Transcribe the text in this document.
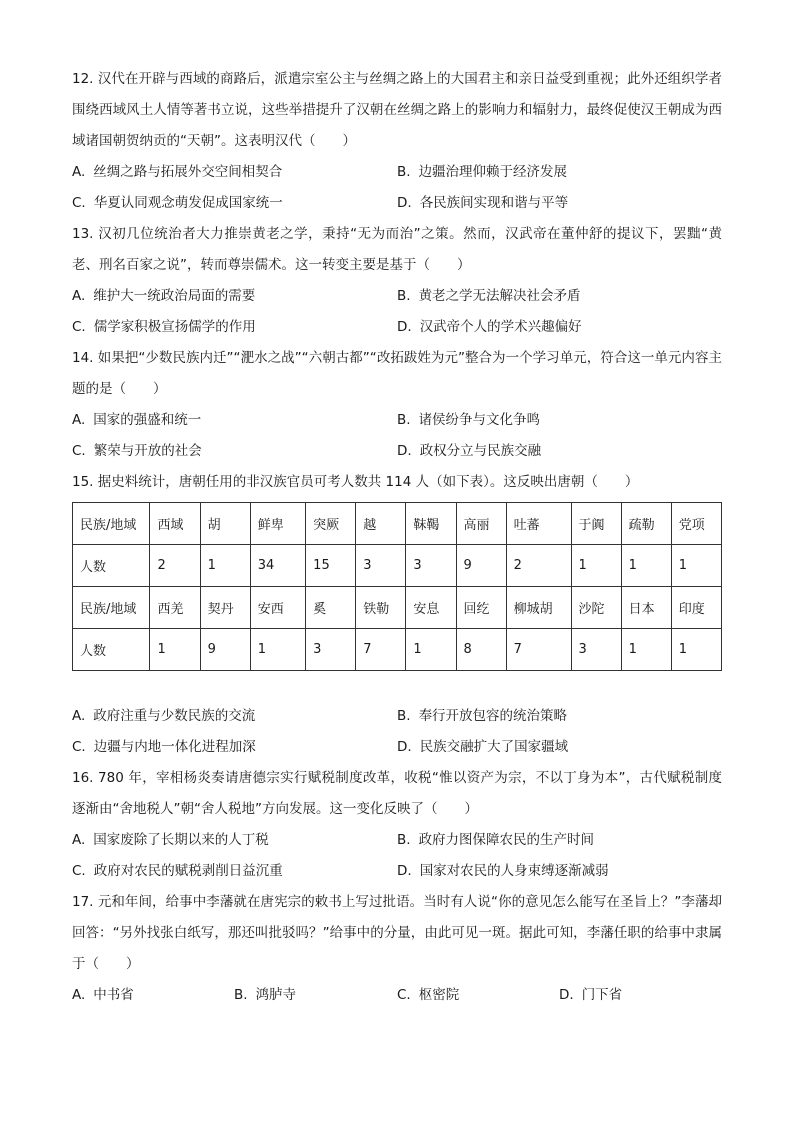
12. 汉代在开辟与西域的商路后，派遣宗室公主与丝绸之路上的大国君主和亲日益受到重视；此外还组织学者围绕西域风土人情等著书立说，这些举措提升了汉朝在丝绸之路上的影响力和辐射力，最终促使汉王朝成为西域诸国朝贺纳贡的“天朝”。这表明汉代（　　）

A. 丝绸之路与拓展外交空间相契合	B. 边疆治理仰赖于经济发展
C. 华夏认同观念萌发促成国家统一	D. 各民族间实现和谐与平等

13. 汉初几位统治者大力推崇黄老之学，秉持“无为而治”之策。然而，汉武帝在董仲舒的提议下，罢黜“黄老、刑名百家之说”，转而尊崇儒术。这一转变主要是基于（　　）

A. 维护大一统政治局面的需要	B. 黄老之学无法解决社会矛盾
C. 儒学家积极宣扬儒学的作用	D. 汉武帝个人的学术兴趣偏好

14. 如果把“少数民族内迁”“淝水之战”“六朝古都”“改拓跋姓为元”整合为一个学习单元，符合这一单元内容主题的是（　　）

A. 国家的强盛和统一	B. 诸侯纷争与文化争鸣
C. 繁荣与开放的社会	D. 政权分立与民族交融

15. 据史料统计，唐朝任用的非汉族官员可考人数共 114 人（如下表）。这反映出唐朝（　　）

民族/地域	西域	胡	鲜卑	突厥	越	靺鞨	高丽	吐蕃	于阗	疏勒	党项
人数	2	1	34	15	3	3	9	2	1	1	1
民族/地域	西羌	契丹	安西	奚	铁勒	安息	回纥	柳城胡	沙陀	日本	印度
人数	1	9	1	3	7	1	8	7	3	1	1
A. 政府注重与少数民族的交流	B. 奉行开放包容的统治策略
C. 边疆与内地一体化进程加深	D. 民族交融扩大了国家疆域

16. 780 年，宰相杨炎奏请唐德宗实行赋税制度改革，收税“惟以资产为宗，不以丁身为本”，古代赋税制度逐渐由“舍地税人”朝“舍人税地”方向发展。这一变化反映了（　　）

A. 国家废除了长期以来的人丁税	B. 政府力图保障农民的生产时间
C. 政府对农民的赋税剥削日益沉重	D. 国家对农民的人身束缚逐渐减弱

17. 元和年间，给事中李藩就在唐宪宗的敕书上写过批语。当时有人说“你的意见怎么能写在圣旨上？”李藩却回答：“另外找张白纸写，那还叫批驳吗？”给事中的分量，由此可见一斑。据此可知，李藩任职的给事中隶属于（　　）

A. 中书省	B. 鸿胪寺	C. 枢密院	D. 门下省
